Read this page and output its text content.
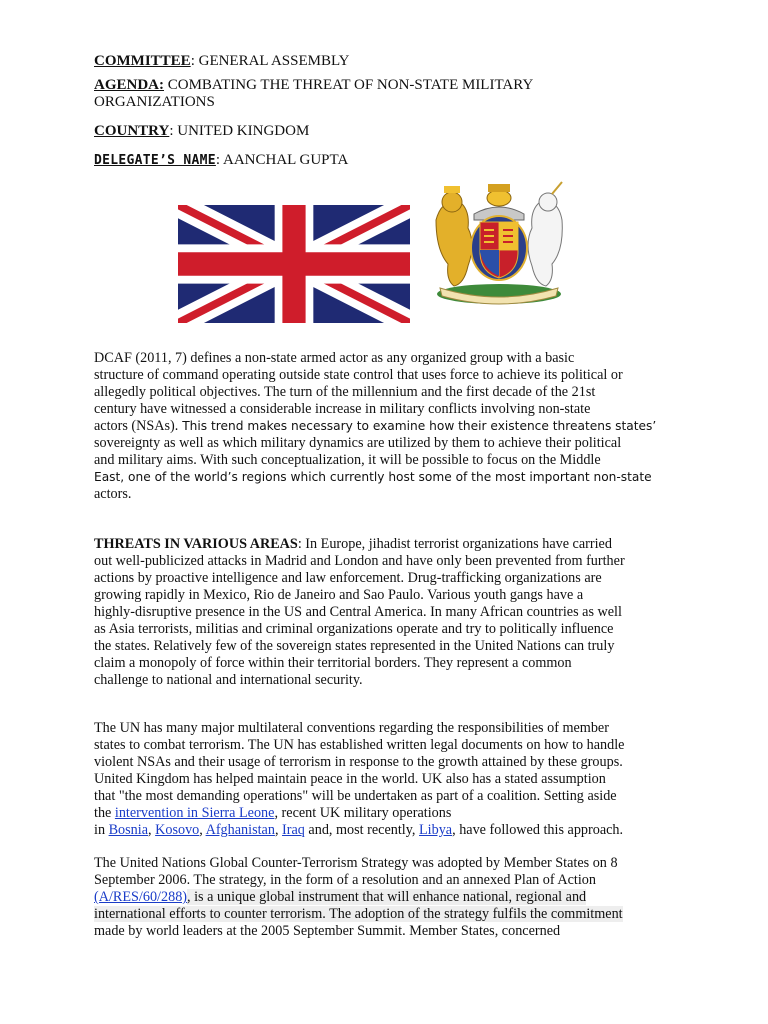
COMMITTEE: GENERAL ASSEMBLY
AGENDA: COMBATING THE THREAT OF NON-STATE MILITARY
ORGANIZATIONS
COUNTRY: UNITED KINGDOM
DELEGATE’S NAME: AANCHAL GUPTA

DCAF (2011, 7) defines a non-state armed actor as any organized group with a basic
structure of command operating outside state control that uses force to achieve its political or
allegedly political objectives. The turn of the millennium and the first decade of the 21st
century have witnessed a considerable increase in military conflicts involving non-state
actors (NSAs). This trend makes necessary to examine how their existence threatens states’
sovereignty as well as which military dynamics are utilized by them to achieve their political
and military aims. With such conceptualization, it will be possible to focus on the Middle
East, one of the world’s regions which currently host some of the most important non-state
actors.

THREATS IN VARIOUS AREAS: In Europe, jihadist terrorist organizations have carried
out well-publicized attacks in Madrid and London and have only been prevented from further
actions by proactive intelligence and law enforcement. Drug-trafficking organizations are
growing rapidly in Mexico, Rio de Janeiro and Sao Paulo. Various youth gangs have a
highly-disruptive presence in the US and Central America. In many African countries as well
as Asia terrorists, militias and criminal organizations operate and try to politically influence
the states. Relatively few of the sovereign states represented in the United Nations can truly
claim a monopoly of force within their territorial borders. They represent a common
challenge to national and international security.

The UN has many major multilateral conventions regarding the responsibilities of member
states to combat terrorism. The UN has established written legal documents on how to handle
violent NSAs and their usage of terrorism in response to the growth attained by these groups.
United Kingdom has helped maintain peace in the world. UK also has a stated assumption
that "the most demanding operations" will be undertaken as part of a coalition. Setting aside
the intervention in Sierra Leone, recent UK military operations
in Bosnia, Kosovo, Afghanistan, Iraq and, most recently, Libya, have followed this approach.

The United Nations Global Counter-Terrorism Strategy was adopted by Member States on 8
September 2006. The strategy, in the form of a resolution and an annexed Plan of Action
(A/RES/60/288), is a unique global instrument that will enhance national, regional and
international efforts to counter terrorism. The adoption of the strategy fulfils the commitment
made by world leaders at the 2005 September Summit. Member States, concerned
